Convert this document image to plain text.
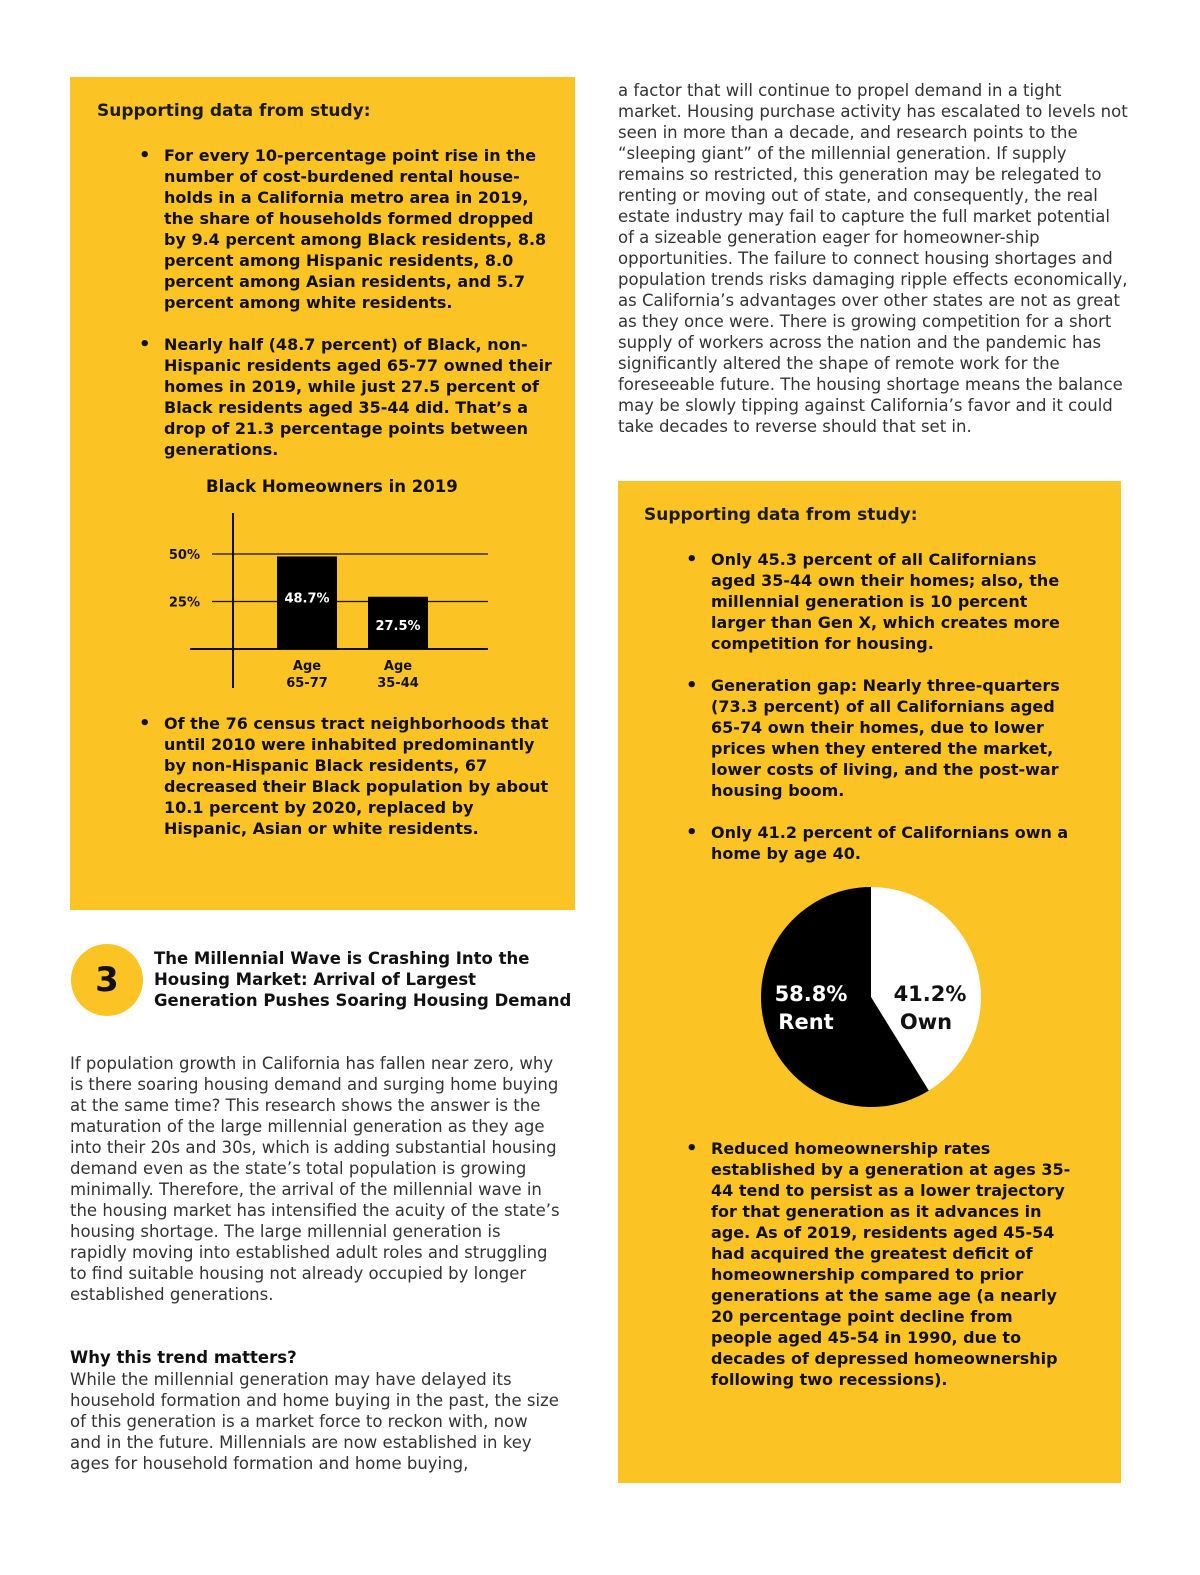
Supporting data from study:
• For every 10-percentage point rise in the number of cost-burdened rental house-holds in a California metro area in 2019, the share of households formed dropped by 9.4 percent among Black residents, 8.8 percent among Hispanic residents, 8.0 percent among Asian residents, and 5.7 percent among white residents.
• Nearly half (48.7 percent) of Black, non-Hispanic residents aged 65-77 owned their homes in 2019, while just 27.5 percent of Black residents aged 35-44 did. That’s a drop of 21.3 percentage points between generations.
Black Homeowners in 2019
50%
25%	48.7%
Age
65-77
27.5%
Age
35-44
• Of the 76 census tract neighborhoods that until 2010 were inhabited predominantly by non-Hispanic Black residents, 67 decreased their Black population by about 10.1 percent by 2020, replaced by Hispanic, Asian or white residents.
3
The Millennial Wave is Crashing Into the Housing Market: Arrival of Largest Generation Pushes Soaring Housing Demand

If population growth in California has fallen near zero, why is there soaring housing demand and surging home buying at the same time? This research shows the answer is the maturation of the large millennial generation as they age into their 20s and 30s, which is adding substantial housing demand even as the state’s total population is growing minimally. Therefore, the arrival of the millennial wave in the housing market has intensified the acuity of the state’s housing shortage. The large millennial generation is rapidly moving into established adult roles and struggling to find suitable housing not already occupied by longer established generations.

Why this trend matters?

While the millennial generation may have delayed its household formation and home buying in the past, the size of this generation is a market force to reckon with, now and in the future. Millennials are now established in key ages for household formation and home buying,

a factor that will continue to propel demand in a tight market. Housing purchase activity has escalated to levels not seen in more than a decade, and research points to the “sleeping giant” of the millennial generation. If supply remains so restricted, this generation may be relegated to renting or moving out of state, and consequently, the real estate industry may fail to capture the full market potential of a sizeable generation eager for homeowner-ship opportunities. The failure to connect housing shortages and population trends risks damaging ripple effects economically, as California’s advantages over other states are not as great as they once were. There is growing competition for a short supply of workers across the nation and the pandemic has significantly altered the shape of remote work for the foreseeable future. The housing shortage means the balance may be slowly tipping against California’s favor and it could take decades to reverse should that set in.

Supporting data from study:
• Only 45.3 percent of all Californians aged 35-44 own their homes; also, the millennial generation is 10 percent larger than Gen X, which creates more competition for housing.
• Generation gap: Nearly three-quarters (73.3 percent) of all Californians aged 65-74 own their homes, due to lower prices when they entered the market, lower costs of living, and the post-war housing boom.
• Only 41.2 percent of Californians own a home by age 40.
58.8%
Rent
41.2%
Own
• Reduced homeownership rates established by a generation at ages 35-44 tend to persist as a lower trajectory for that generation as it advances in age. As of 2019, residents aged 45-54 had acquired the greatest deficit of homeownership compared to prior generations at the same age (a nearly 20 percentage point decline from people aged 45-54 in 1990, due to decades of depressed homeownership following two recessions).
